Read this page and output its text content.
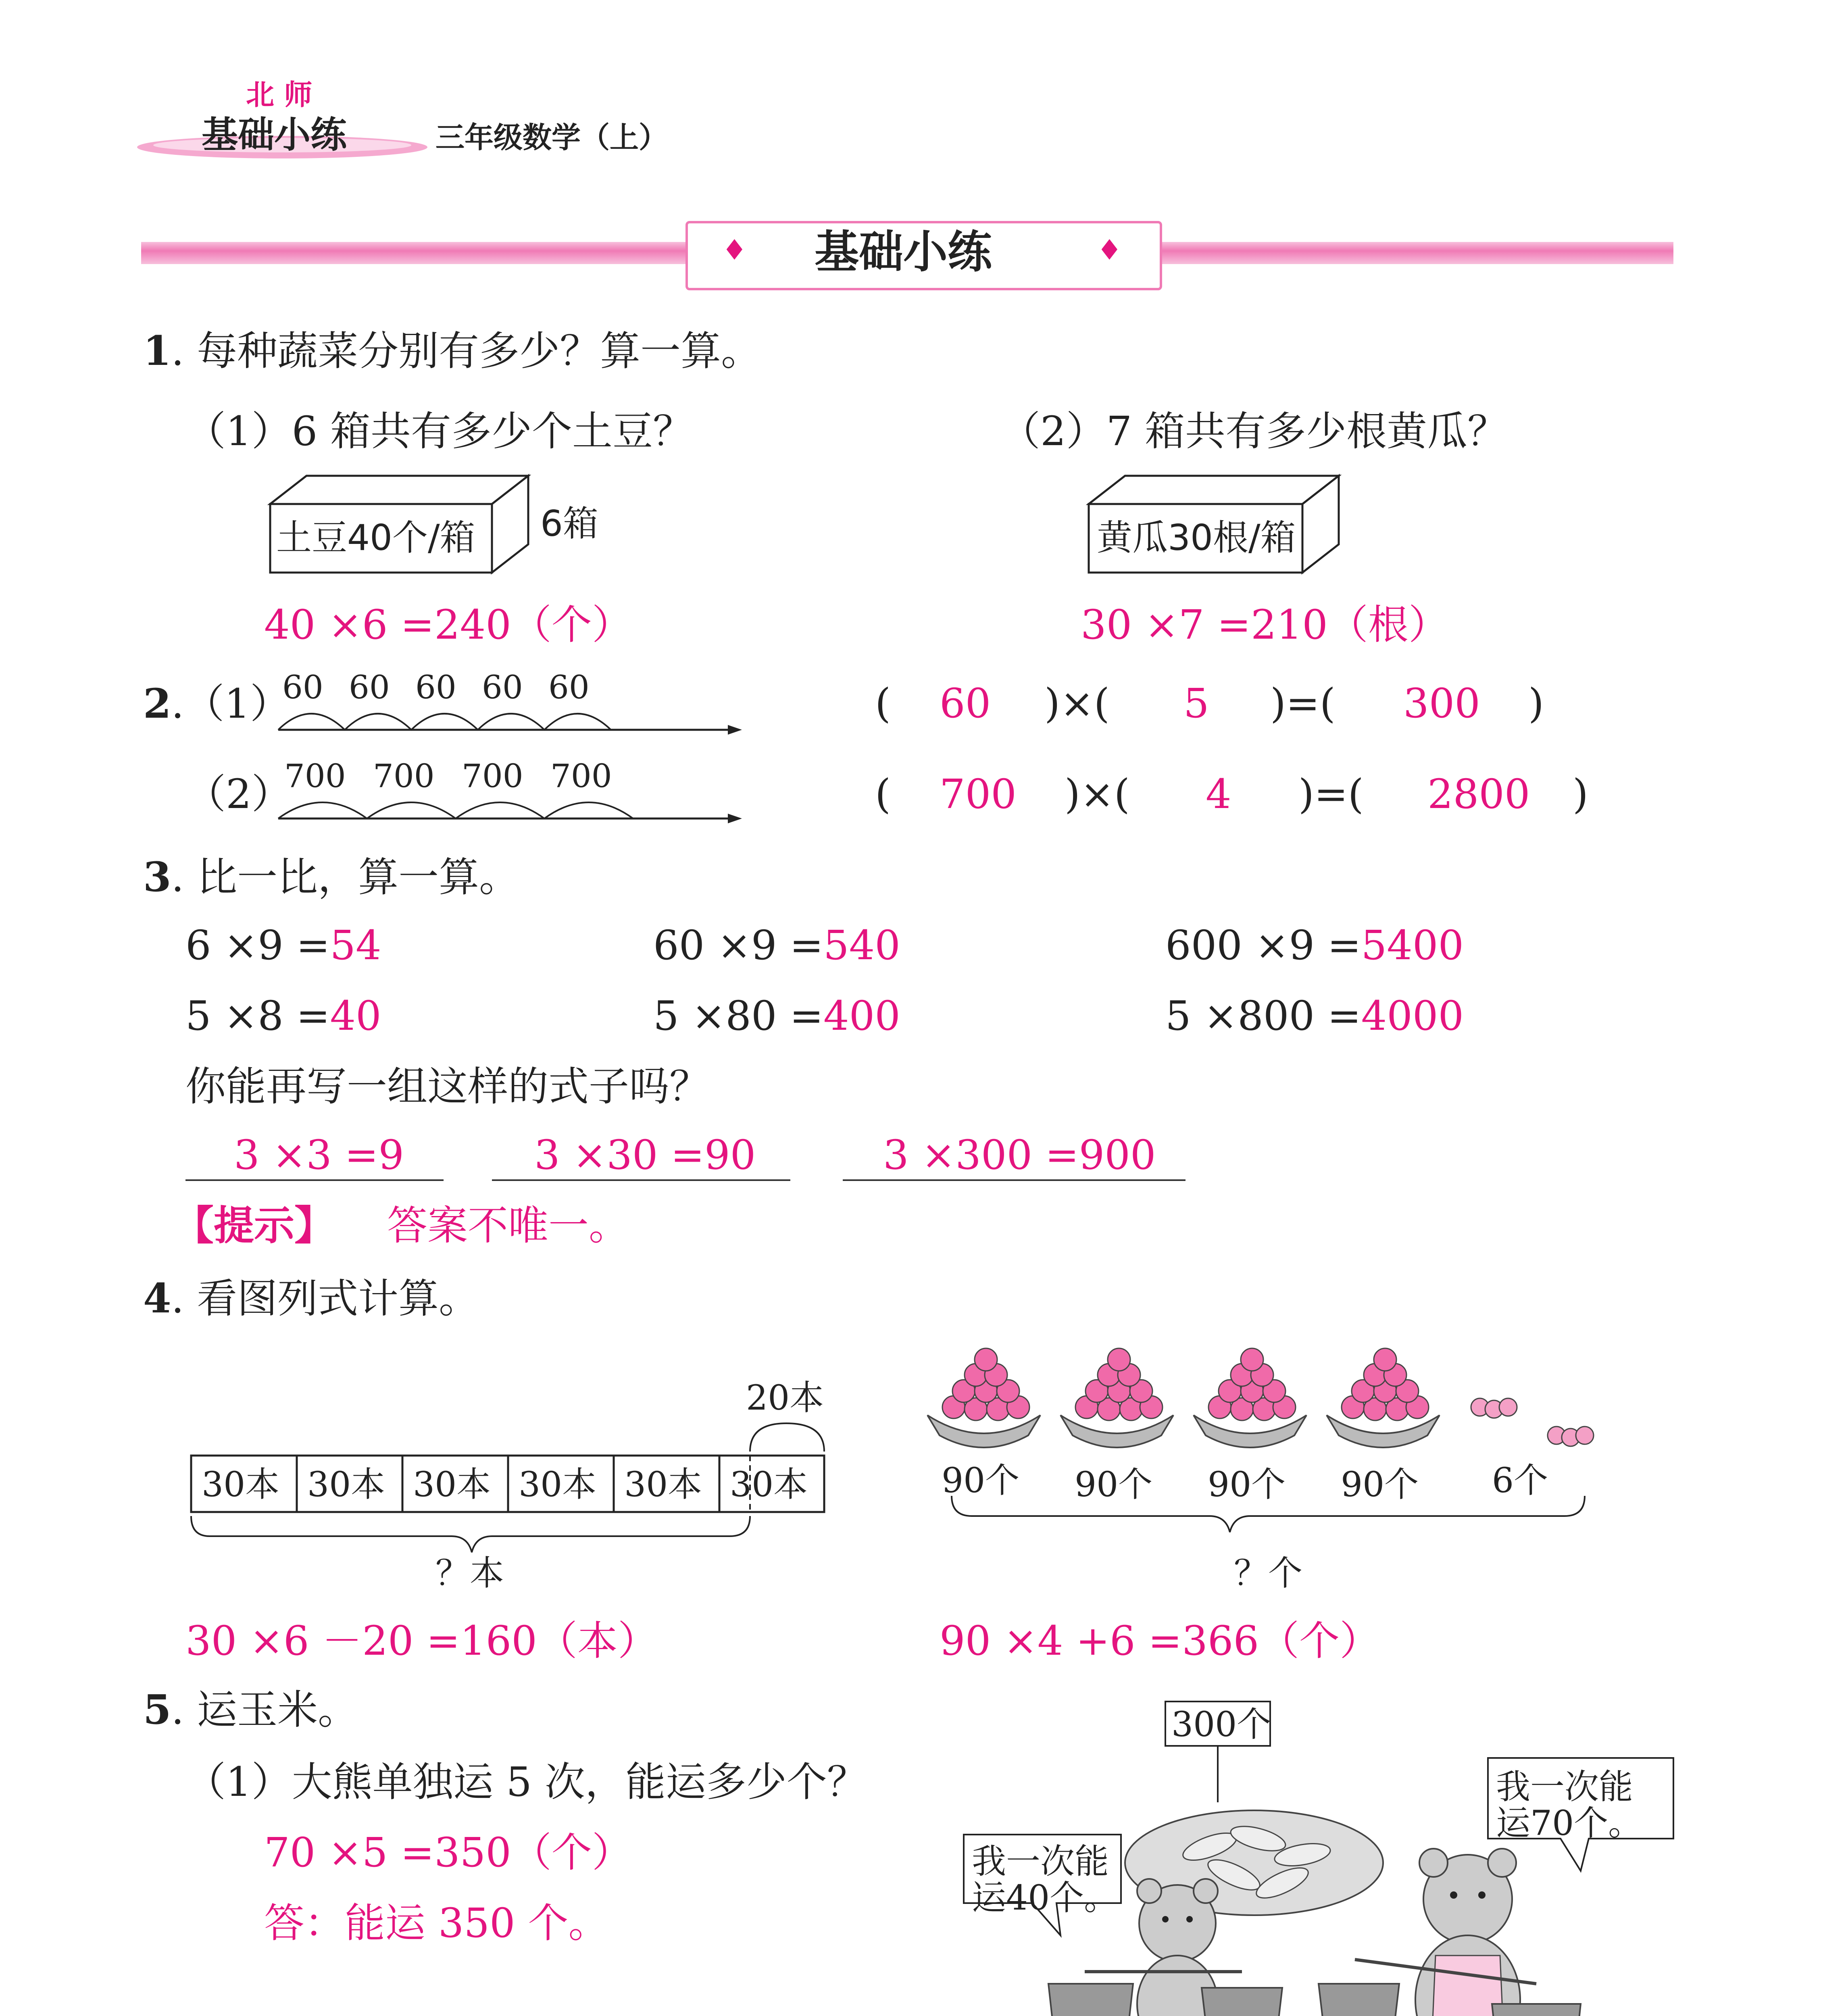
北 师
基础小练	三年级数学（上）
♦	♦
基础小练
1. 每种蔬菜分别有多少？算一算。
（1）6 箱共有多少个土豆？	（2）7 箱共有多少根黄瓜？
土豆40个/箱 6箱	黄瓜30根/箱
40 ×6 =240（个）	30 ×7 =210（根）
2.（1）
（2）
60 60 60 60 60
700 700 700 700
( 60 )×( 5 )=( 300 )
( 700 )×( 4 )=( 2800 )
3. 比一比，算一算。
6 ×9 =54	60 ×9 =540	600 ×9 =5400
5 ×8 =40	5 ×80 =400	5 ×800 =4000
你能再写一组这样的式子吗？
3 ×3 =9	3 ×30 =90	3 ×300 =900
【提示】 答案不唯一。
4. 看图列式计算。
20本
30本 30本 30本 30本 30本 30本
？本
90个 90个 90个 90个 6个
？个
30 ×6 －20 =160（本）	90 ×4 +6 =366（个）
5. 运玉米。
（1）大熊单独运 5 次，能运多少个？
70 ×5 =350（个）
答：能运 350 个。
300个
我一次能
运40个。
我一次能
运70个。
